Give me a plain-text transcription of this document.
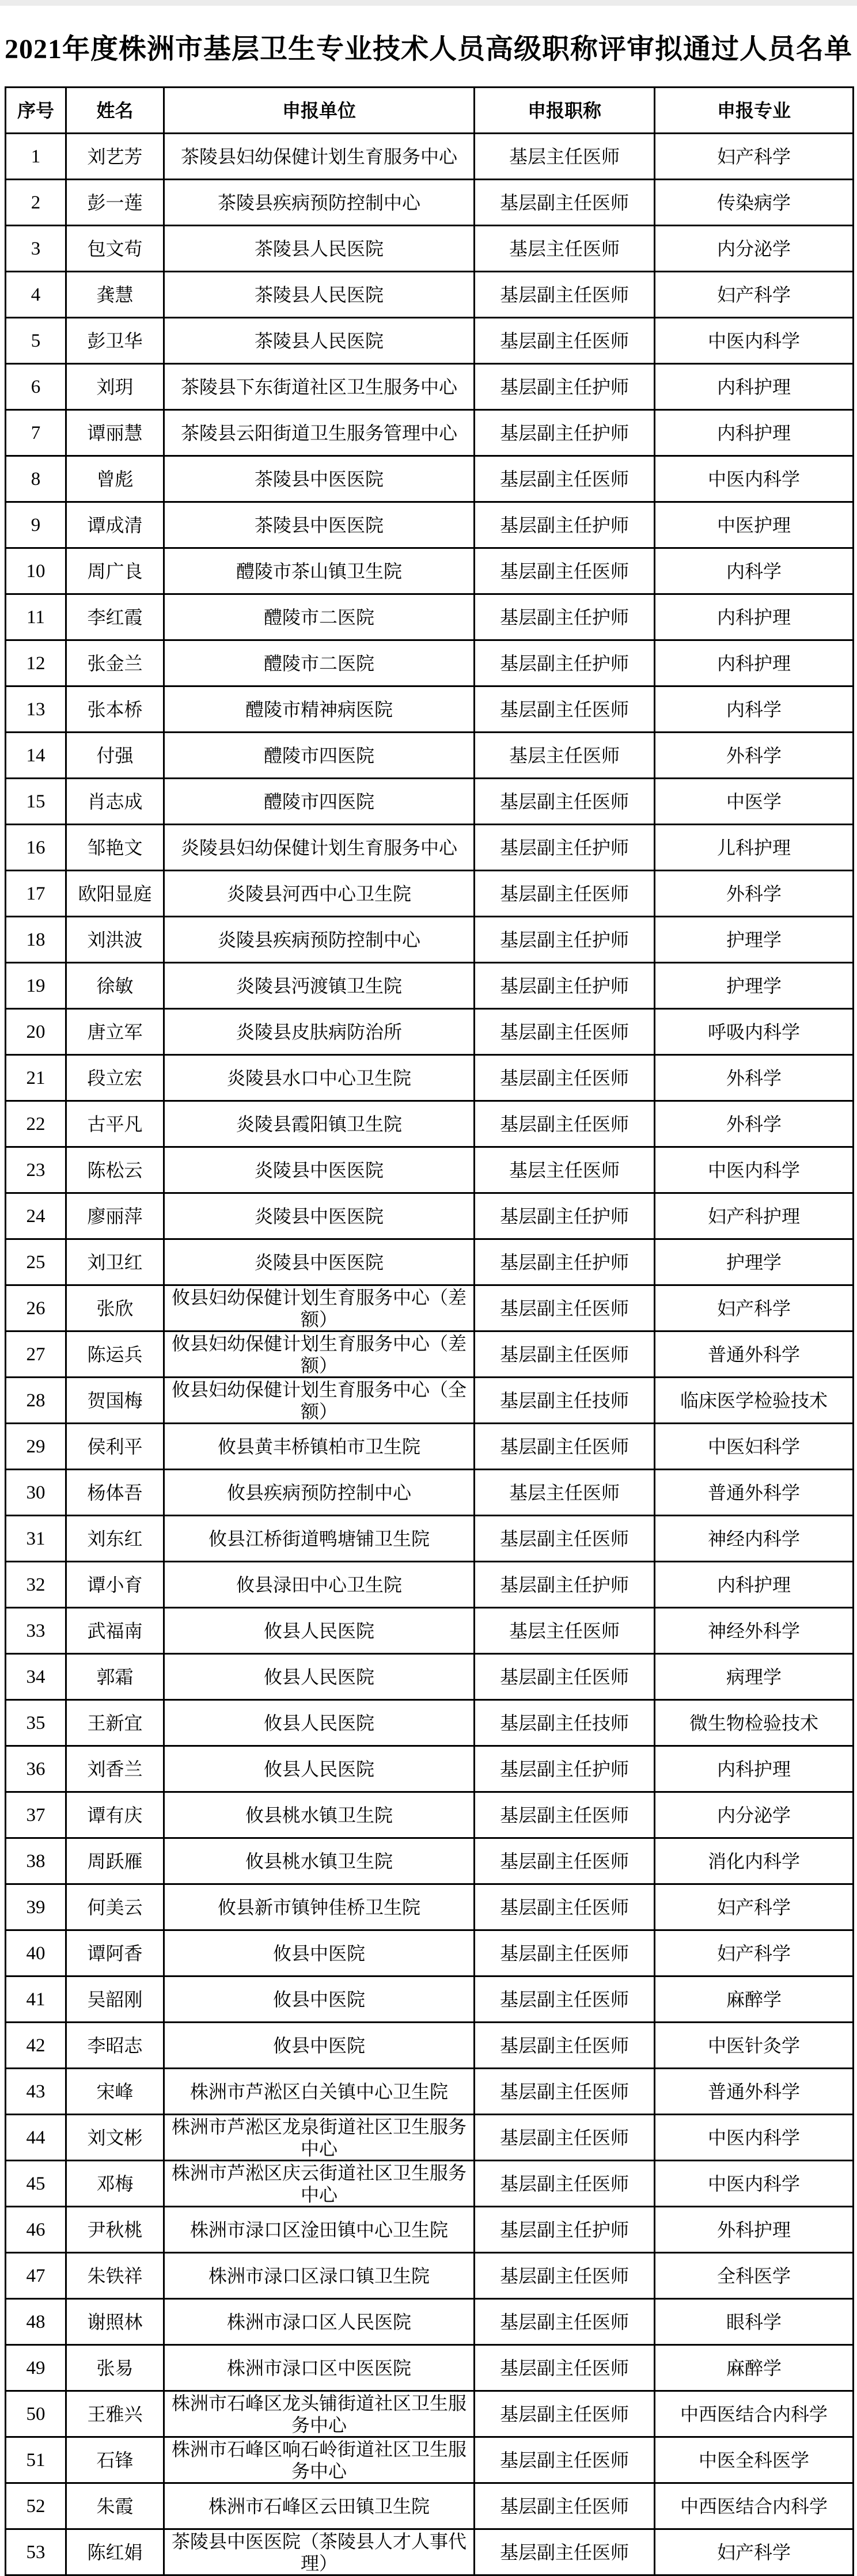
2021年度株洲市基层卫生专业技术人员高级职称评审拟通过人员名单
序号	姓名	申报单位	申报职称	申报专业
1	刘艺芳	茶陵县妇幼保健计划生育服务中心	基层主任医师	妇产科学
2	彭一莲	茶陵县疾病预防控制中心	基层副主任医师	传染病学
3	包文苟	茶陵县人民医院	基层主任医师	内分泌学
4	龚慧	茶陵县人民医院	基层副主任医师	妇产科学
5	彭卫华	茶陵县人民医院	基层副主任医师	中医内科学
6	刘玥	茶陵县下东街道社区卫生服务中心	基层副主任护师	内科护理
7	谭丽慧	茶陵县云阳街道卫生服务管理中心	基层副主任护师	内科护理
8	曾彪	茶陵县中医医院	基层副主任医师	中医内科学
9	谭成清	茶陵县中医医院	基层副主任护师	中医护理
10	周广良	醴陵市茶山镇卫生院	基层副主任医师	内科学
11	李红霞	醴陵市二医院	基层副主任护师	内科护理
12	张金兰	醴陵市二医院	基层副主任护师	内科护理
13	张本桥	醴陵市精神病医院	基层副主任医师	内科学
14	付强	醴陵市四医院	基层主任医师	外科学
15	肖志成	醴陵市四医院	基层副主任医师	中医学
16	邹艳文	炎陵县妇幼保健计划生育服务中心	基层副主任护师	儿科护理
17	欧阳显庭	炎陵县河西中心卫生院	基层副主任医师	外科学
18	刘洪波	炎陵县疾病预防控制中心	基层副主任护师	护理学
19	徐敏	炎陵县沔渡镇卫生院	基层副主任护师	护理学
20	唐立军	炎陵县皮肤病防治所	基层副主任医师	呼吸内科学
21	段立宏	炎陵县水口中心卫生院	基层副主任医师	外科学
22	古平凡	炎陵县霞阳镇卫生院	基层副主任医师	外科学
23	陈松云	炎陵县中医医院	基层主任医师	中医内科学
24	廖丽萍	炎陵县中医医院	基层副主任护师	妇产科护理
25	刘卫红	炎陵县中医医院	基层副主任护师	护理学
26	张欣	攸县妇幼保健计划生育服务中心（差额）	基层副主任医师	妇产科学
27	陈运兵	攸县妇幼保健计划生育服务中心（差额）	基层副主任医师	普通外科学
28	贺国梅	攸县妇幼保健计划生育服务中心（全额）	基层副主任技师	临床医学检验技术
29	侯利平	攸县黄丰桥镇柏市卫生院	基层副主任医师	中医妇科学
30	杨体吾	攸县疾病预防控制中心	基层主任医师	普通外科学
31	刘东红	攸县江桥街道鸭塘铺卫生院	基层副主任医师	神经内科学
32	谭小育	攸县渌田中心卫生院	基层副主任护师	内科护理
33	武福南	攸县人民医院	基层主任医师	神经外科学
34	郭霜	攸县人民医院	基层副主任医师	病理学
35	王新宜	攸县人民医院	基层副主任技师	微生物检验技术
36	刘香兰	攸县人民医院	基层副主任护师	内科护理
37	谭有庆	攸县桃水镇卫生院	基层副主任医师	内分泌学
38	周跃雁	攸县桃水镇卫生院	基层副主任医师	消化内科学
39	何美云	攸县新市镇钟佳桥卫生院	基层副主任医师	妇产科学
40	谭阿香	攸县中医院	基层副主任医师	妇产科学
41	吴韶刚	攸县中医院	基层副主任医师	麻醉学
42	李昭志	攸县中医院	基层副主任医师	中医针灸学
43	宋峰	株洲市芦淞区白关镇中心卫生院	基层副主任医师	普通外科学
44	刘文彬	株洲市芦淞区龙泉街道社区卫生服务中心	基层副主任医师	中医内科学
45	邓梅	株洲市芦淞区庆云街道社区卫生服务中心	基层副主任医师	中医内科学
46	尹秋桃	株洲市渌口区淦田镇中心卫生院	基层副主任护师	外科护理
47	朱铁祥	株洲市渌口区渌口镇卫生院	基层副主任医师	全科医学
48	谢照林	株洲市渌口区人民医院	基层副主任医师	眼科学
49	张易	株洲市渌口区中医医院	基层副主任医师	麻醉学
50	王雅兴	株洲市石峰区龙头铺街道社区卫生服务中心	基层副主任医师	中西医结合内科学
51	石锋	株洲市石峰区响石岭街道社区卫生服务中心	基层副主任医师	中医全科医学
52	朱霞	株洲市石峰区云田镇卫生院	基层副主任医师	中西医结合内科学
53	陈红娟	茶陵县中医医院（茶陵县人才人事代理）	基层副主任医师	妇产科学
